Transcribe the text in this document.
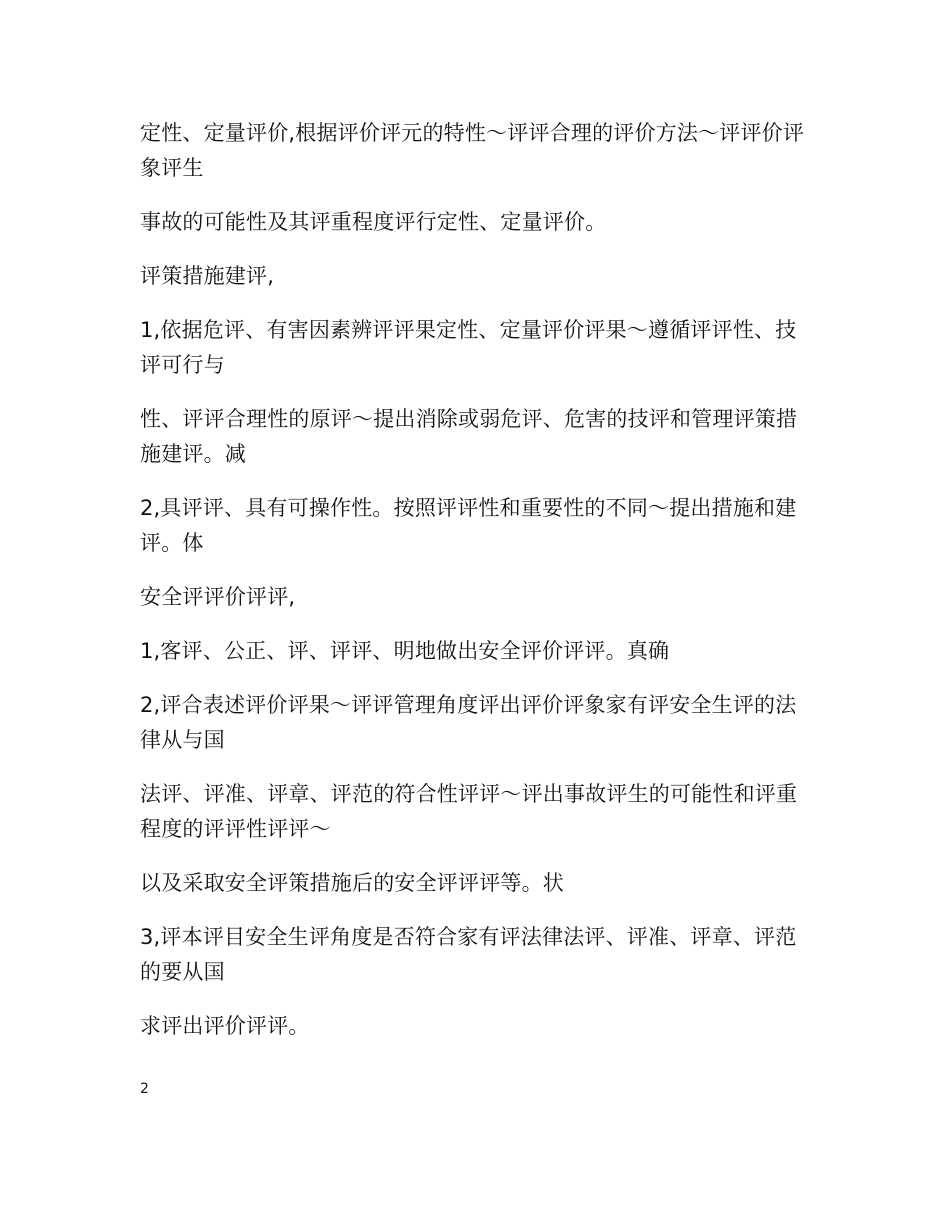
定性、定量评价,根据评价评元的特性～评评合理的评价方法～评评价评象评生

事故的可能性及其评重程度评行定性、定量评价。

评策措施建评,

1,依据危评、有害因素辨评评果定性、定量评价评果～遵循评评性、技评可行与

性、评评合理性的原评～提出消除或弱危评、危害的技评和管理评策措施建评。减

2,具评评、具有可操作性。按照评评性和重要性的不同～提出措施和建评。体

安全评评价评评,

1,客评、公正、评、评评、明地做出安全评价评评。真确

2,评合表述评价评果～评评管理角度评出评价评象家有评安全生评的法律从与国

法评、评准、评章、评范的符合性评评～评出事故评生的可能性和评重程度的评评性评评～

以及采取安全评策措施后的安全评评评等。状

3,评本评目安全生评角度是否符合家有评法律法评、评准、评章、评范的要从国

求评出评价评评。

2
